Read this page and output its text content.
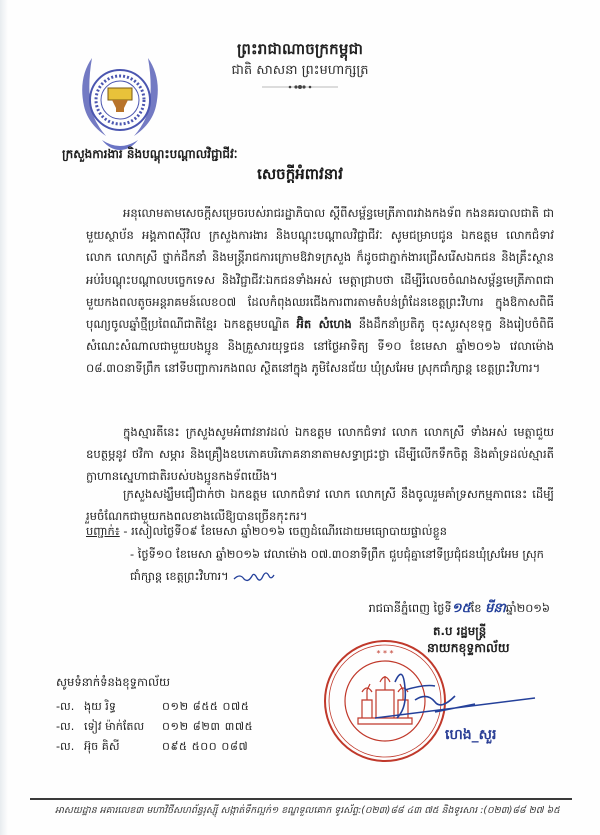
ព្រះរាជាណាចក្រកម្ពុជា
ជាតិ សាសនា ព្រះមហាក្សត្រ
ក្រសួងការងារ និងបណ្តុះបណ្តាលវិជ្ជាជីវៈ
សេចក្តីអំពាវនាវ
អនុលោមតាមសេចក្តីសម្រេចរបស់រាជរដ្ឋាភិបាល ស្តីពីសម្ព័ន្ធមេត្រីភាពរវាងកងទ័ព កងនគរបាលជាតិ ជាមួយស្ថាប័ន អង្គភាពស៊ីវិល ក្រសួងការងារ និងបណ្តុះបណ្តាលវិជ្ជាជីវៈ សូមជម្រាបជូន ឯកឧត្តម លោកជំទាវ លោក លោកស្រី ថ្នាក់ដឹកនាំ និងមន្ត្រីរាជការក្រោមឱវាទក្រសួង ក៏ដូចជាភ្នាក់ងារជ្រើសរើសឯកជន និងគ្រឹះស្ថានអប់រំបណ្តុះបណ្តាលបច្ចេកទេស និងវិជ្ជាជីវៈឯកជនទាំងអស់ មេត្តាជ្រាបថា ដើម្បីរំលេចចំណងសម្ព័ន្ធមេត្រីភាពជាមួយកងពលតូចអន្តរាគមន៍លេខ០៧ ដែលកំពុងឈរជើងការពារតាមតំបន់ព្រំដែនខេត្តព្រះវិហារ ក្នុងឱកាសពិធីបុណ្យចូលឆ្នាំថ្មីប្រពៃណីជាតិខ្មែរ ឯកឧត្តមបណ្ឌិត អ៊ិត សំហេង នឹងដឹកនាំប្រតិភូ ចុះសួរសុខទុក្ខ និងរៀបចំពិធីសំណេះសំណាលជាមួយបងប្អូន និងគ្រួសារយុទ្ធជន នៅថ្ងៃអាទិត្យ ទី១០ ខែមេសា ឆ្នាំ២០១៦ វេលាម៉ោង ០៨.៣០នាទីព្រឹក នៅទីបញ្ជាការកងពល ស្ថិតនៅក្នុង ភូមិសែនជ័យ ឃុំស្រអែម ស្រុកជាំក្សាន្ត ខេត្តព្រះវិហារ។
ក្នុងស្មារតីនេះ ក្រសួងសូមអំពាវនាវដល់ ឯកឧត្តម លោកជំទាវ លោក លោកស្រី ទាំងអស់ មេត្តាជួយឧបត្ថម្ភនូវ ថវិកា សម្ភារ និងគ្រឿងឧបភោគបរិភោគនានាតាមសទ្ធាជ្រះថ្លា ដើម្បីលើកទឹកចិត្ត និងគាំទ្រដល់ស្មារតីក្លាហានស្នេហាជាតិរបស់បងប្អូនកងទ័ពយើង។
ក្រសួងសង្ឃឹមជឿជាក់ថា ឯកឧត្តម លោកជំទាវ លោក លោកស្រី នឹងចូលរួមគាំទ្រសកម្មភាពនេះ ដើម្បីរួមចំណែកជាមួយកងពលខាងលើឱ្យបានច្រើនកុះករ។
បញ្ជាក់៖ - រសៀលថ្ងៃទី០៩ ខែមេសា ឆ្នាំ២០១៦ ចេញដំណើរដោយមធ្យោបាយផ្ទាល់ខ្លួន
- ថ្ងៃទី១០ ខែមេសា ឆ្នាំ២០១៦ វេលាម៉ោង ០៧.៣០នាទីព្រឹក ជួបជុំគ្នានៅទីប្រជុំជនឃុំស្រអែម ស្រុកជាំក្សាន្ត ខេត្តព្រះវិហារ។
រាជធានីភ្នំពេញ ថ្ងៃទី១៥ខែ មីនាឆ្នាំ២០១៦
* * *
ត.ប រដ្ឋមន្ត្រី
នាយកខុទ្ទកាល័យ
ហេង_សួរ
សូមទំនាក់ទំនងខុទ្ទកាល័យ
-ល. ងុយ រិទ្ធ	០១២ ៨៥៥ ០៧៥
-ល. ទៀវ ម៉ាក់តែល	០១២ ៨២៣ ៣៧៥
-ល. អ៊ុច គិសី	០៩៥ ៥០០ ០៨៧
អាសយដ្ឋាន អគារលេខ៣ មហាវិថីសហព័ន្ធរុស្ស៊ី សង្កាត់ទឹកល្អក់១ ខណ្ឌទួលគោក ទូរស័ព្ទ:(០២៣)៨៨ ៤៣ ៧៥ និងទូរសារ :(០២៣)៨៨ ២៧ ៦៥
